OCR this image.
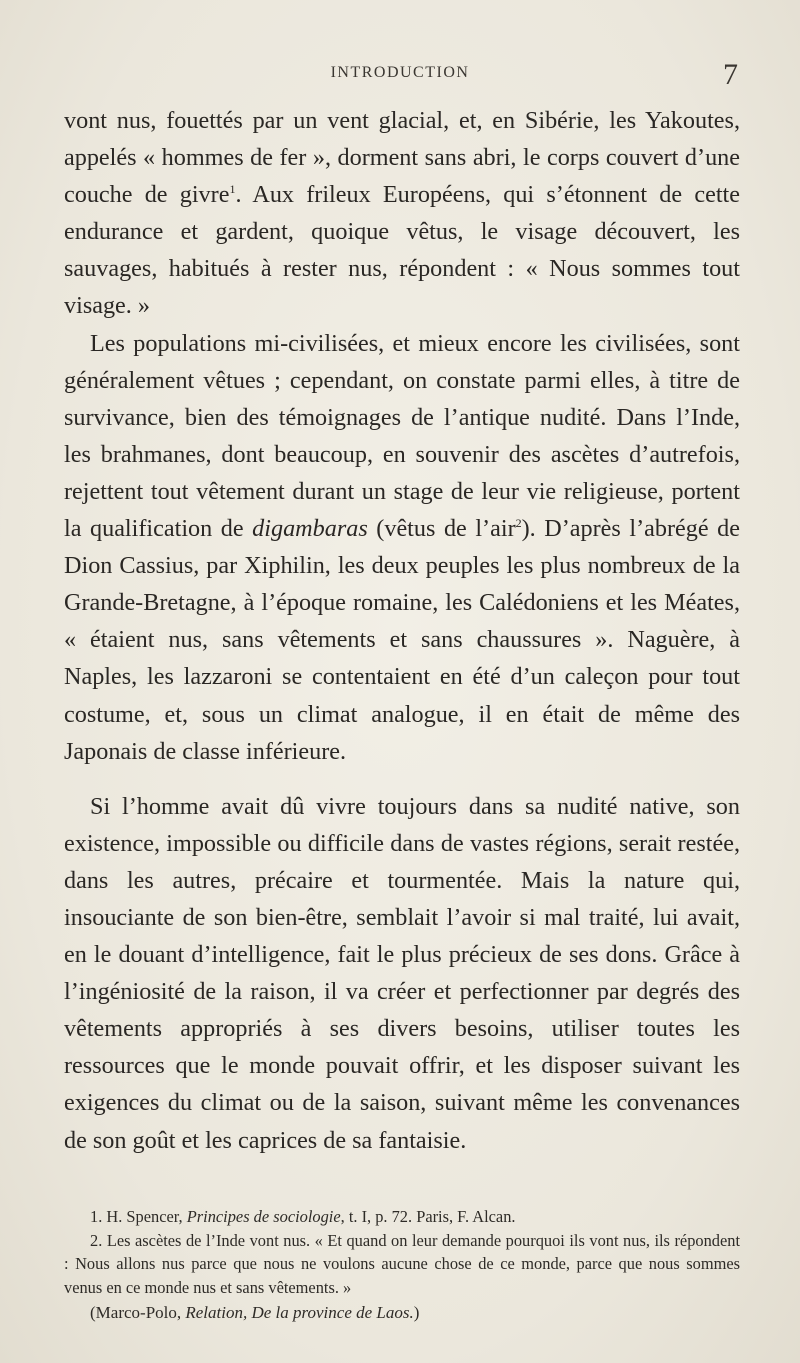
INTRODUCTION	7

vont nus, fouettés par un vent glacial, et, en Sibérie, les Yakoutes, appelés « hommes de fer », dorment sans abri, le corps couvert d’une couche de givre$^1$. Aux frileux Européens, qui s’étonnent de cette endurance et gardent, quoique vêtus, le visage découvert, les sauvages, habitués à rester nus, répondent : « Nous sommes tout visage. »

Les populations mi-civilisées, et mieux encore les civilisées, sont généralement vêtues ; cependant, on constate parmi elles, à titre de survivance, bien des témoignages de l’antique nudité. Dans l’Inde, les brahmanes, dont beaucoup, en souvenir des ascètes d’autrefois, rejettent tout vêtement durant un stage de leur vie religieuse, portent la qualification de digambaras (vêtus de l’air$^2$). D’après l’abrégé de Dion Cassius, par Xiphilin, les deux peuples les plus nombreux de la Grande-Bretagne, à l’époque romaine, les Calédoniens et les Méates, « étaient nus, sans vêtements et sans chaussures ». Naguère, à Naples, les lazzaroni se contentaient en été d’un caleçon pour tout costume, et, sous un climat analogue, il en était de même des Japonais de classe inférieure.

Si l’homme avait dû vivre toujours dans sa nudité native, son existence, impossible ou difficile dans de vastes régions, serait restée, dans les autres, précaire et tourmentée. Mais la nature qui, insouciante de son bien-être, semblait l’avoir si mal traité, lui avait, en le douant d’intelligence, fait le plus précieux de ses dons. Grâce à l’ingéniosité de la raison, il va créer et perfectionner par degrés des vêtements appropriés à ses divers besoins, utiliser toutes les ressources que le monde pouvait offrir, et les disposer suivant les exigences du climat ou de la saison, suivant même les convenances de son goût et les caprices de sa fantaisie.

1. H. Spencer, Principes de sociologie, t. I, p. 72. Paris, F. Alcan.

2. Les ascètes de l’Inde vont nus. « Et quand on leur demande pourquoi ils vont nus, ils répondent : Nous allons nus parce que nous ne voulons aucune chose de ce monde, parce que nous sommes venus en ce monde nus et sans vêtements. »

(Marco-Polo, Relation, De la province de Laos.)
